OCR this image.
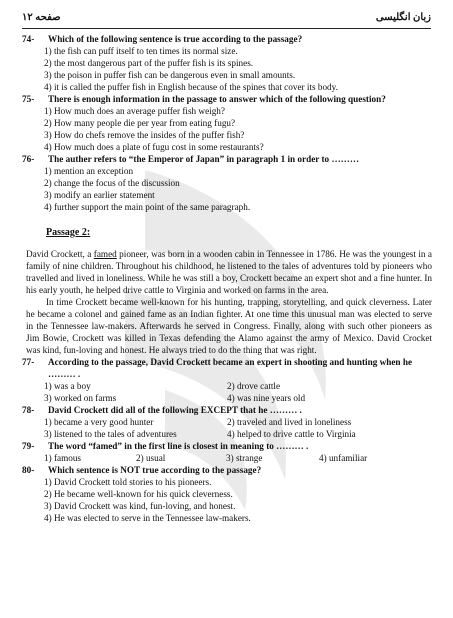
صفحه ۱۲	زبان انگلیسی
74- Which of the following sentence is true according to the passage?
1) the fish can puff itself to ten times its normal size.
2) the most dangerous part of the puffer fish is its spines.
3) the poison in puffer fish can be dangerous even in small amounts.
4) it is called the puffer fish in English because of the spines that cover its body.
75- There is enough information in the passage to answer which of the following question?
1) How much does an average puffer fish weigh?
2) How many people die per year from eating fugu?
3) How do chefs remove the insides of the puffer fish?
4) How much does a plate of fugu cost in some restaurants?
76- The auther refers to “the Emperor of Japan” in paragraph 1 in order to ………
1) mention an exception
2) change the focus of the discussion
3) modify an earlier statement
4) further support the main point of the same paragraph.
Passage 2:

David Crockett, a famed pioneer, was born in a wooden cabin in Tennessee in 1786. He was the youngest in a family of nine children. Throughout his childhood, he listened to the tales of adventures told by pioneers who travelled and lived in loneliness. While he was still a boy, Crockett became an expert shot and a fine hunter. In his early youth, he helped drive cattle to Virginia and worked on farms in the area.

In time Crockett became well-known for his hunting, trapping, storytelling, and quick cleverness. Later he became a colonel and gained fame as an Indian fighter. At one time this unusual man was elected to serve in the Tennessee law-makers. Afterwards he served in Congress. Finally, along with such other pioneers as Jim Bowie, Crockett was killed in Texas defending the Alamo against the army of Mexico. David Crocket was kind, fun-loving and honest. He always tried to do the thing that was right.

77- According to the passage, David Crockett became an expert in shooting and hunting when he ……… .
1) was a boy	2) drove cattle
3) worked on farms	4) was nine years old
78- David Crockett did all of the following EXCEPT that he ……… .
1) became a very good hunter	2) traveled and lived in loneliness
3) listened to the tales of adventures	4) helped to drive cattle to Virginia
79- The word “famed” in the first line is closest in meaning to ……… .
1) famous	2) usual	3) strange	4) unfamiliar
80- Which sentence is NOT true according to the passage?
1) David Crockett told stories to his pioneers.
2) He became well-known for his quick cleverness.
3) David Crockett was kind, fun-loving, and honest.
4) He was elected to serve in the Tennessee law-makers.
